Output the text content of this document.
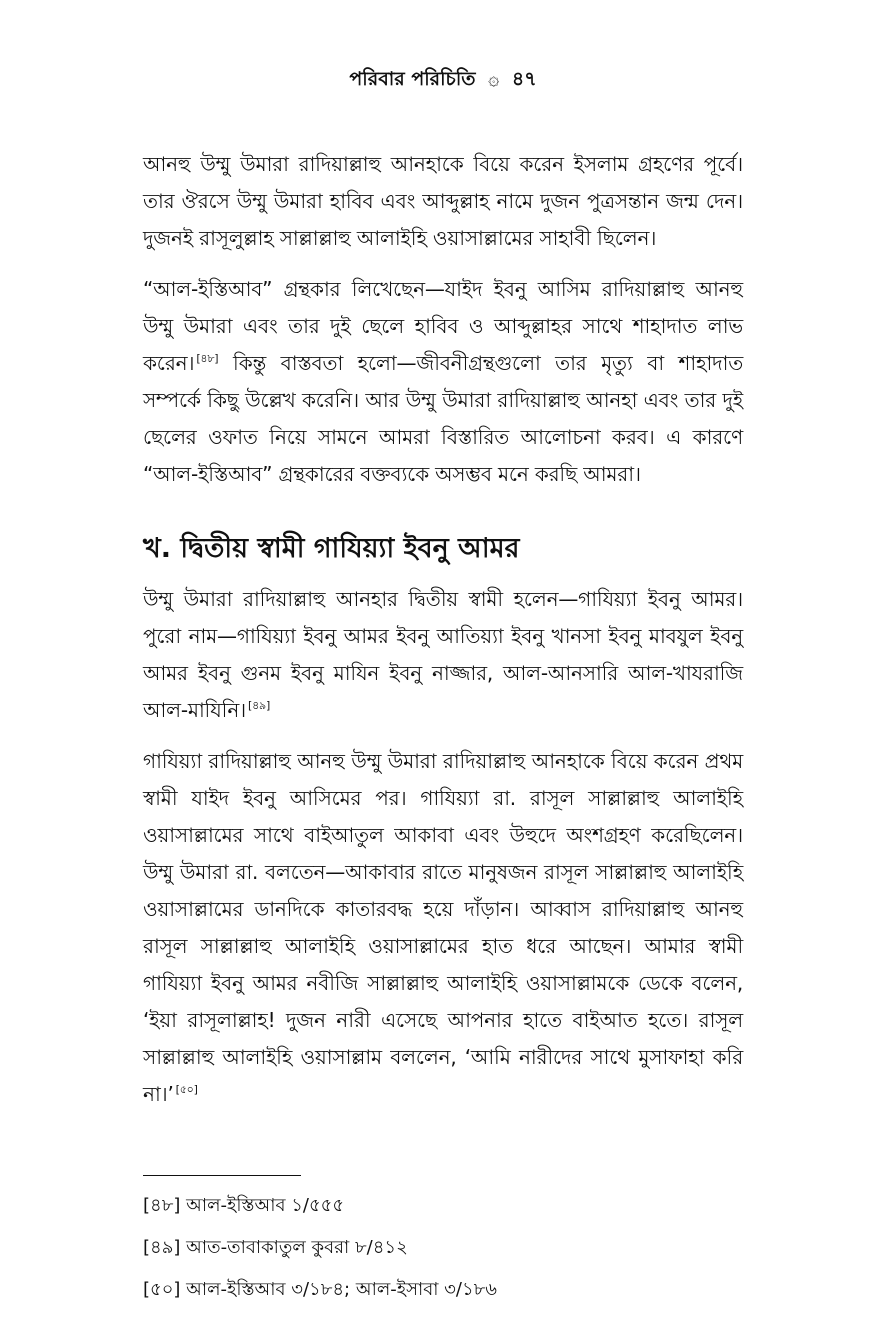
পরিবার পরিচিতি ۞ ৪৭

আনহু উম্মু উমারা রাদিয়াল্লাহু আনহাকে বিয়ে করেন ইসলাম গ্রহণের পূর্বে। তার ঔরসে উম্মু উমারা হাবিব এবং আব্দুল্লাহ নামে দুজন পুত্রসন্তান জন্ম দেন। দুজনই রাসূলুল্লাহ সাল্লাল্লাহু আলাইহি ওয়াসাল্লামের সাহাবী ছিলেন।

“আল-ইস্তিআব” গ্রন্থকার লিখেছেন—যাইদ ইবনু আসিম রাদিয়াল্লাহু আনহু উম্মু উমারা এবং তার দুই ছেলে হাবিব ও আব্দুল্লাহর সাথে শাহাদাত লাভ করেন। [৪৮] কিন্তু বাস্তবতা হলো—জীবনীগ্রন্থগুলো তার মৃত্যু বা শাহাদাত সম্পর্কে কিছু উল্লেখ করেনি। আর উম্মু উমারা রাদিয়াল্লাহু আনহা এবং তার দুই ছেলের ওফাত নিয়ে সামনে আমরা বিস্তারিত আলোচনা করব। এ কারণে “আল-ইস্তিআব” গ্রন্থকারের বক্তব্যকে অসম্ভব মনে করছি আমরা।

খ. দ্বিতীয় স্বামী গাযিয়্যা ইবনু আমর

উম্মু উমারা রাদিয়াল্লাহু আনহার দ্বিতীয় স্বামী হলেন—গাযিয়্যা ইবনু আমর। পুরো নাম—গাযিয়্যা ইবনু আমর ইবনু আতিয়্যা ইবনু খানসা ইবনু মাবযুল ইবনু আমর ইবনু গুনম ইবনু মাযিন ইবনু নাজ্জার, আল-আনসারি আল-খাযরাজি আল-মাযিনি। [৪৯]

গাযিয়্যা রাদিয়াল্লাহু আনহু উম্মু উমারা রাদিয়াল্লাহু আনহাকে বিয়ে করেন প্রথম স্বামী যাইদ ইবনু আসিমের পর। গাযিয়্যা রা. রাসূল সাল্লাল্লাহু আলাইহি ওয়াসাল্লামের সাথে বাইআতুল আকাবা এবং উহুদে অংশগ্রহণ করেছিলেন। উম্মু উমারা রা. বলতেন—আকাবার রাতে মানুষজন রাসূল সাল্লাল্লাহু আলাইহি ওয়াসাল্লামের ডানদিকে কাতারবদ্ধ হয়ে দাঁড়ান। আব্বাস রাদিয়াল্লাহু আনহু রাসূল সাল্লাল্লাহু আলাইহি ওয়াসাল্লামের হাত ধরে আছেন। আমার স্বামী গাযিয়্যা ইবনু আমর নবীজি সাল্লাল্লাহু আলাইহি ওয়াসাল্লামকে ডেকে বলেন, ‘ইয়া রাসূলাল্লাহ! দুজন নারী এসেছে আপনার হাতে বাইআত হতে। রাসূল সাল্লাল্লাহু আলাইহি ওয়াসাল্লাম বললেন, ‘আমি নারীদের সাথে মুসাফাহা করি না।’ [৫০]

[৪৮] আল-ইস্তিআব ১/৫৫৫
[৪৯] আত-তাবাকাতুল কুবরা ৮/৪১২
[৫০] আল-ইস্তিআব ৩/১৮৪; আল-ইসাবা ৩/১৮৬
